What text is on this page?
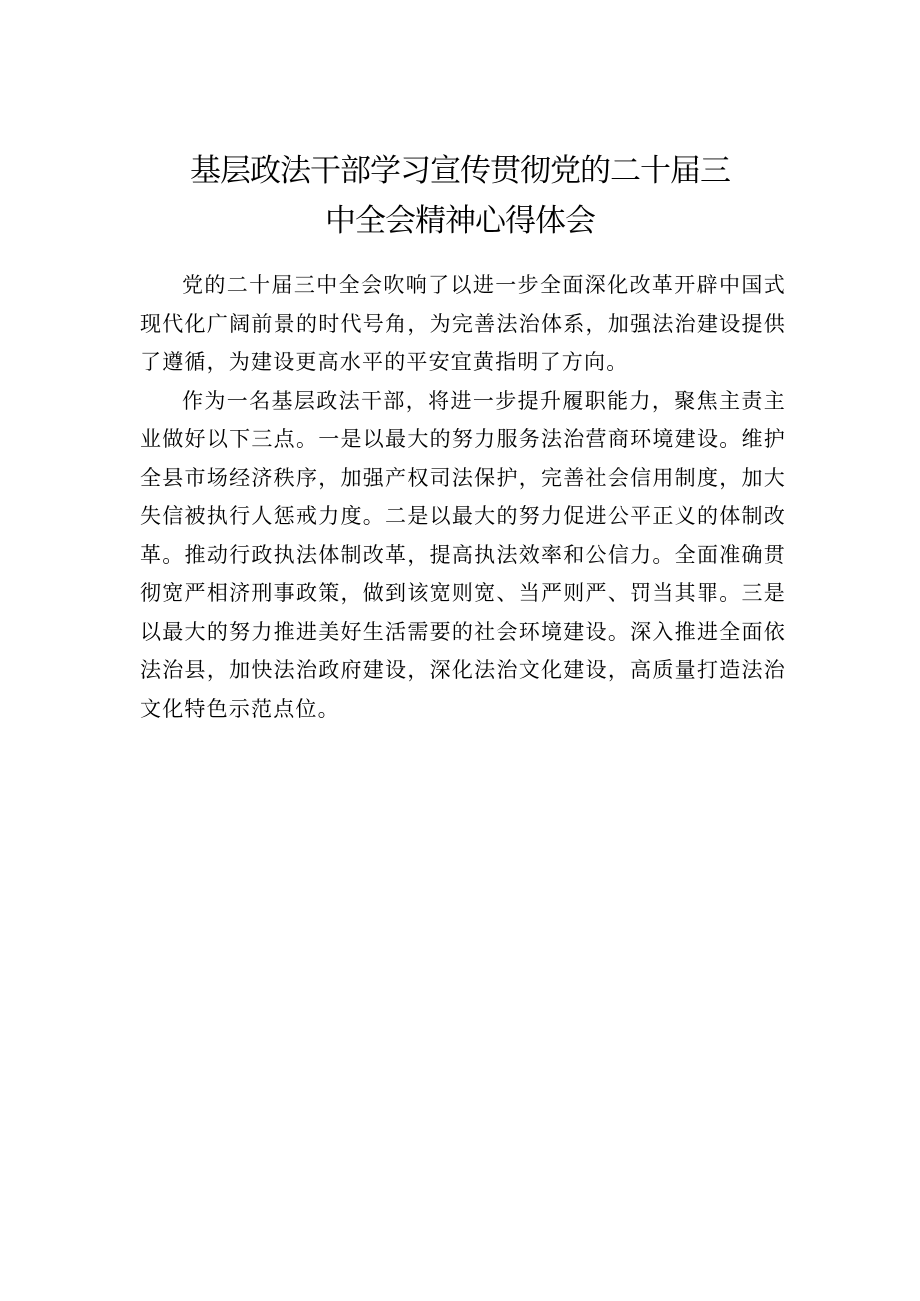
基层政法干部学习宣传贯彻党的二十届三
中全会精神心得体会

党的二十届三中全会吹响了以进一步全面深化改革开辟中国式现代化广阔前景的时代号角，为完善法治体系，加强法治建设提供了遵循，为建设更高水平的平安宜黄指明了方向。

作为一名基层政法干部，将进一步提升履职能力，聚焦主责主业做好以下三点。一是以最大的努力服务法治营商环境建设。维护全县市场经济秩序，加强产权司法保护，完善社会信用制度，加大失信被执行人惩戒力度。二是以最大的努力促进公平正义的体制改革。推动行政执法体制改革，提高执法效率和公信力。全面准确贯彻宽严相济刑事政策，做到该宽则宽、当严则严、罚当其罪。三是以最大的努力推进美好生活需要的社会环境建设。深入推进全面依法治县，加快法治政府建设，深化法治文化建设，高质量打造法治文化特色示范点位。
